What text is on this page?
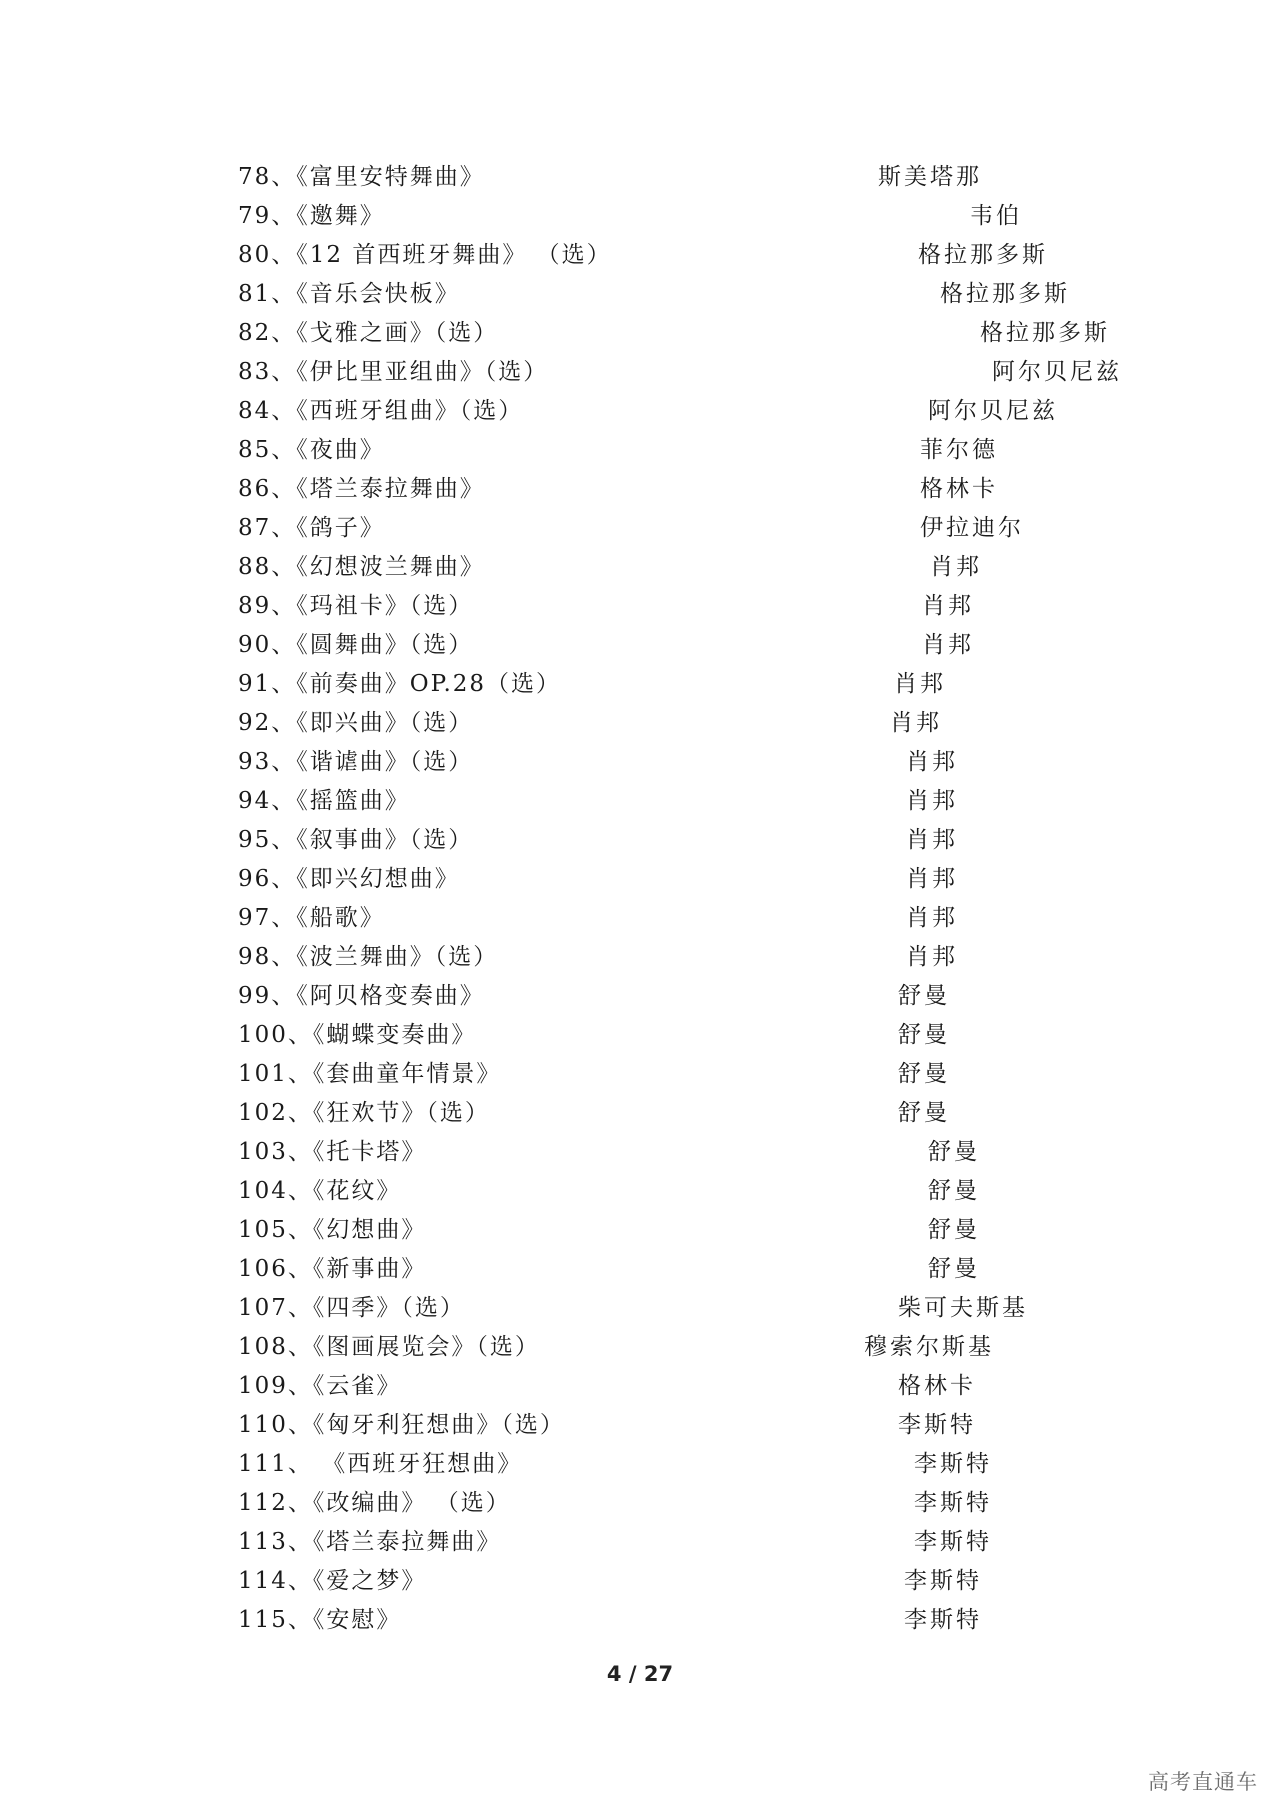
78、《富里安特舞曲》	斯美塔那
79、《邀舞》	韦伯
80、《12 首西班牙舞曲》 （选）	格拉那多斯
81、《音乐会快板》	格拉那多斯
82、《戈雅之画》（选）	格拉那多斯
83、《伊比里亚组曲》（选）	阿尔贝尼兹
84、《西班牙组曲》（选）	阿尔贝尼兹
85、《夜曲》	菲尔德
86、《塔兰泰拉舞曲》	格林卡
87、《鸽子》	伊拉迪尔
88、《幻想波兰舞曲》	肖邦
89、《玛祖卡》（选）	肖邦
90、《圆舞曲》（选）	肖邦
91、《前奏曲》OP.28（选）	肖邦
92、《即兴曲》（选）	肖邦
93、《谐谑曲》（选）	肖邦
94、《摇篮曲》	肖邦
95、《叙事曲》（选）	肖邦
96、《即兴幻想曲》	肖邦
97、《船歌》	肖邦
98、《波兰舞曲》（选）	肖邦
99、《阿贝格变奏曲》	舒曼
100、《蝴蝶变奏曲》	舒曼
101、《套曲童年情景》	舒曼
102、《狂欢节》（选）	舒曼
103、《托卡塔》	舒曼
104、《花纹》	舒曼
105、《幻想曲》	舒曼
106、《新事曲》	舒曼
107、《四季》（选）	柴可夫斯基
108、《图画展览会》（选）	穆索尔斯基
109、《云雀》	格林卡
110、《匈牙利狂想曲》（选）	李斯特
111、 《西班牙狂想曲》	李斯特
112、《改编曲》 （选）	李斯特
113、《塔兰泰拉舞曲》	李斯特
114、《爱之梦》	李斯特
115、《安慰》	李斯特
4 / 27
高考直通车
